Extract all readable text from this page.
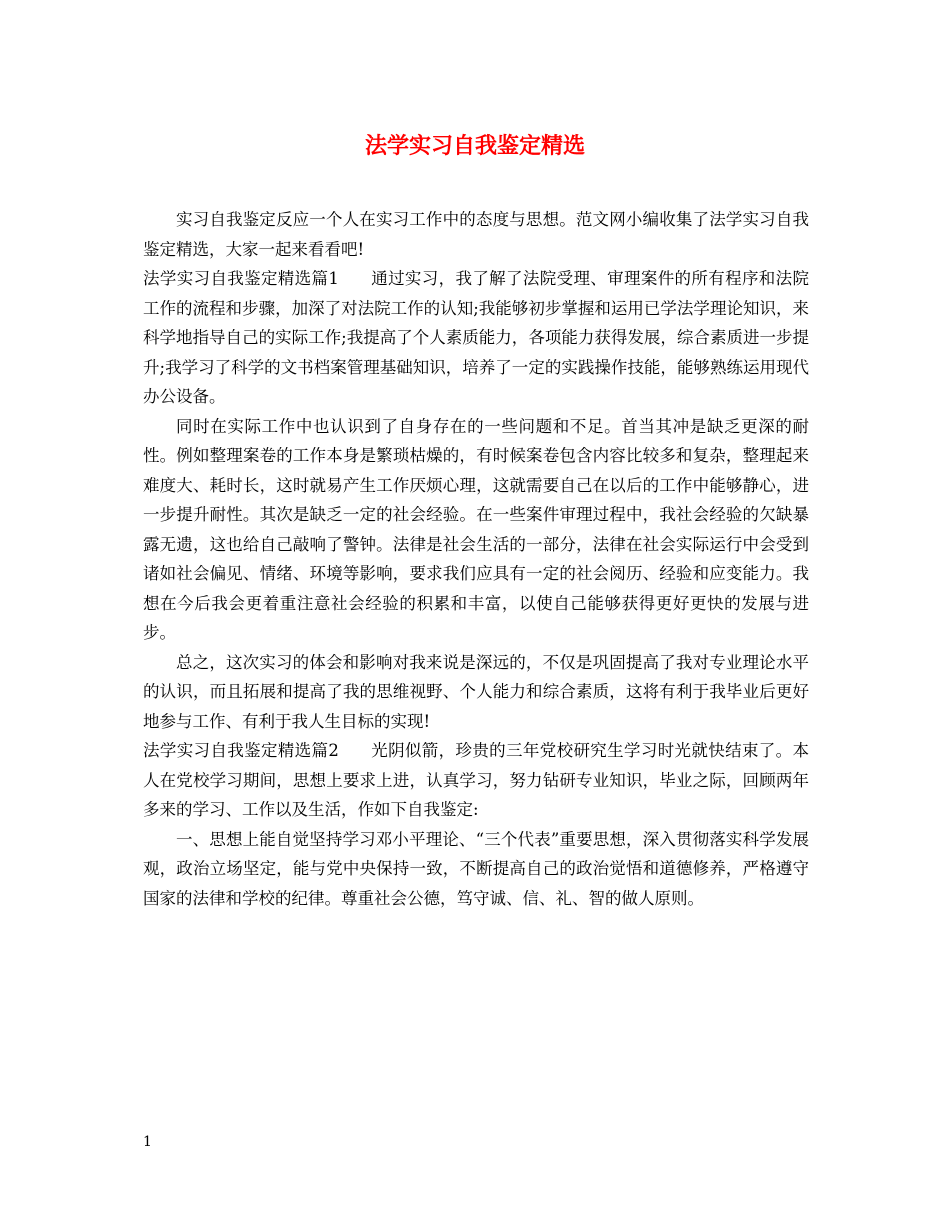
法学实习自我鉴定精选

实习自我鉴定反应一个人在实习工作中的态度与思想。范文网小编收集了法学实习自我鉴定精选，大家一起来看看吧!

法学实习自我鉴定精选篇1 通过实习，我了解了法院受理、审理案件的所有程序和法院工作的流程和步骤，加深了对法院工作的认知;我能够初步掌握和运用已学法学理论知识，来科学地指导自己的实际工作;我提高了个人素质能力，各项能力获得发展，综合素质进一步提升;我学习了科学的文书档案管理基础知识，培养了一定的实践操作技能，能够熟练运用现代办公设备。

同时在实际工作中也认识到了自身存在的一些问题和不足。首当其冲是缺乏更深的耐性。例如整理案卷的工作本身是繁琐枯燥的，有时候案卷包含内容比较多和复杂，整理起来难度大、耗时长，这时就易产生工作厌烦心理，这就需要自己在以后的工作中能够静心，进一步提升耐性。其次是缺乏一定的社会经验。在一些案件审理过程中，我社会经验的欠缺暴露无遗，这也给自己敲响了警钟。法律是社会生活的一部分，法律在社会实际运行中会受到诸如社会偏见、情绪、环境等影响，要求我们应具有一定的社会阅历、经验和应变能力。我想在今后我会更着重注意社会经验的积累和丰富，以使自己能够获得更好更快的发展与进步。

总之，这次实习的体会和影响对我来说是深远的，不仅是巩固提高了我对专业理论水平的认识，而且拓展和提高了我的思维视野、个人能力和综合素质，这将有利于我毕业后更好地参与工作、有利于我人生目标的实现!

法学实习自我鉴定精选篇2 光阴似箭，珍贵的三年党校研究生学习时光就快结束了。本人在党校学习期间，思想上要求上进，认真学习，努力钻研专业知识，毕业之际，回顾两年多来的学习、工作以及生活，作如下自我鉴定:

一、思想上能自觉坚持学习邓小平理论、“三个代表”重要思想，深入贯彻落实科学发展观，政治立场坚定，能与党中央保持一致，不断提高自己的政治觉悟和道德修养，严格遵守国家的法律和学校的纪律。尊重社会公德，笃守诚、信、礼、智的做人原则。

1
